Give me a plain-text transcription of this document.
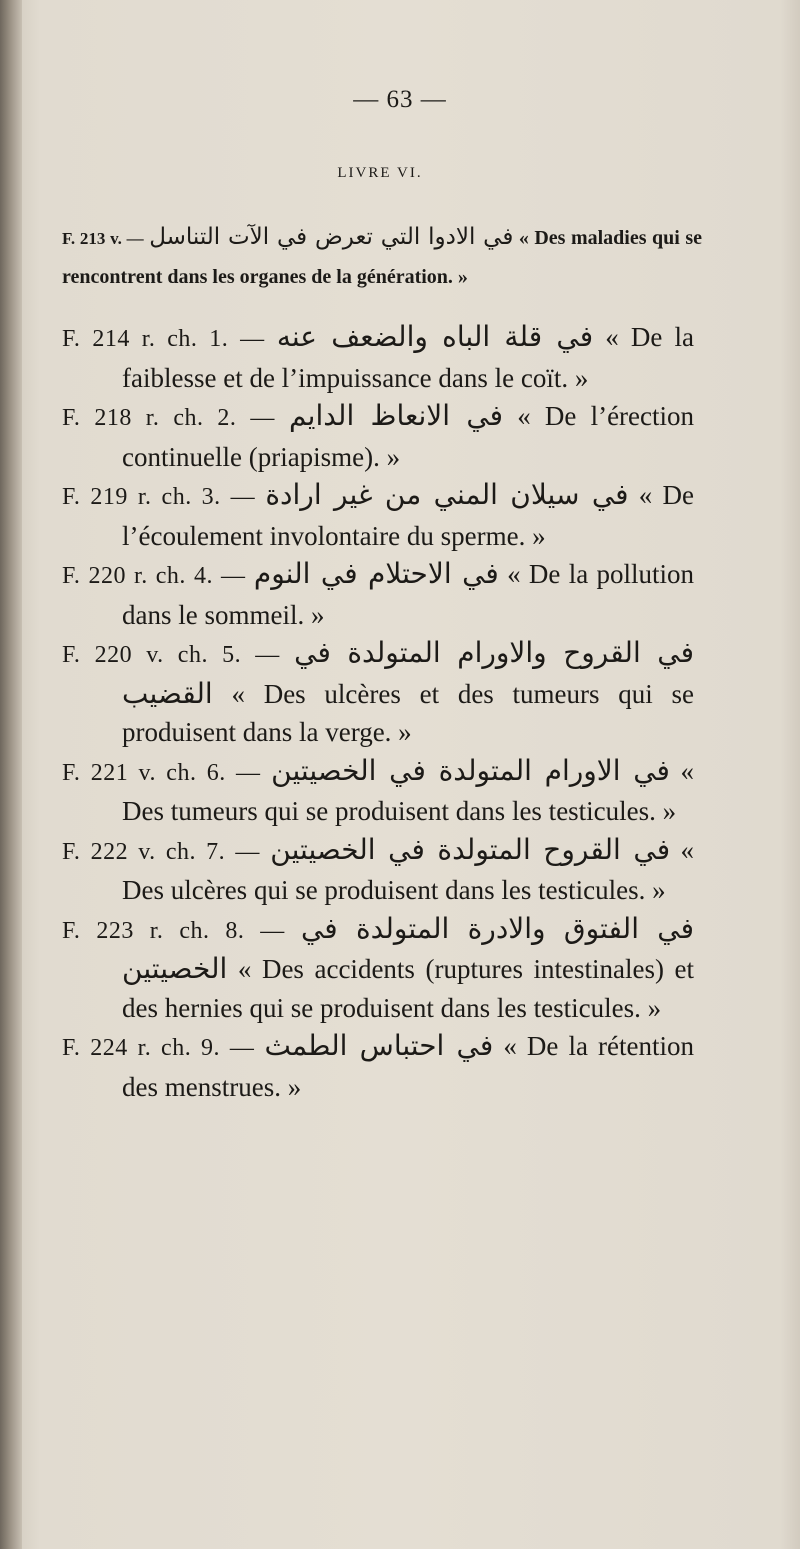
— 63 —
LIVRE VI.
F. 213 v. — في الادوا التي تعرض في الآت التناسل « Des maladies qui se rencontrent dans les organes de la génération. »

F. 214 r. ch. 1. — في قلة الباه والضعف عنه « De la faiblesse et de l’impuissance dans le coït. »

F. 218 r. ch. 2. — في الانعاظ الدايم « De l’érection continuelle (priapisme). »

F. 219 r. ch. 3. — في سيلان المني من غير ارادة « De l’écoulement involontaire du sperme. »

F. 220 r. ch. 4. — في الاحتلام في النوم « De la pollution dans le sommeil. »

F. 220 v. ch. 5. — في القروح والاورام المتولدة في القضيب « Des ulcères et des tumeurs qui se produisent dans la verge. »

F. 221 v. ch. 6. — في الاورام المتولدة في الخصيتين « Des tumeurs qui se produisent dans les testicules. »

F. 222 v. ch. 7. — في القروح المتولدة في الخصيتين « Des ulcères qui se produisent dans les testicules. »

F. 223 r. ch. 8. — في الفتوق والادرة المتولدة في الخصيتين « Des accidents (ruptures intestinales) et des hernies qui se produisent dans les testicules. »

F. 224 r. ch. 9. — في احتباس الطمث « De la rétention des menstrues. »
